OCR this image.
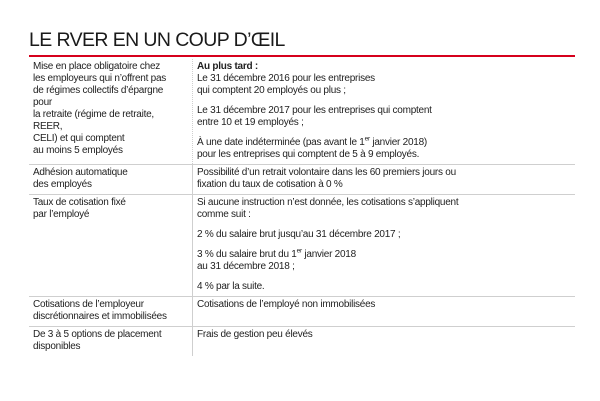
LE RVER EN UN COUP D’ŒIL
Mise en place obligatoire chez
les employeurs qui n’offrent pas
de régimes collectifs d’épargne pour
la retraite (régime de retraite, REER,
CELI) et qui comptent
au moins 5 employés
Au plus tard :
Le 31 décembre 2016 pour les entreprises
qui comptent 20 employés ou plus ;
Le 31 décembre 2017 pour les entreprises qui comptent
entre 10 et 19 employés ;
À une date indéterminée (pas avant le 1er janvier 2018)
pour les entreprises qui comptent de 5 à 9 employés.
Adhésion automatique
des employés
Possibilité d’un retrait volontaire dans les 60 premiers jours ou
fixation du taux de cotisation à 0 %
Taux de cotisation fixé
par l’employé
Si aucune instruction n’est donnée, les cotisations s’appliquent
comme suit :
2 % du salaire brut jusqu’au 31 décembre 2017 ;
3 % du salaire brut du 1er janvier 2018
au 31 décembre 2018 ;
4 % par la suite.
Cotisations de l’employeur
discrétionnaires et immobilisées
Cotisations de l’employé non immobilisées
De 3 à 5 options de placement
disponibles
Frais de gestion peu élevés
